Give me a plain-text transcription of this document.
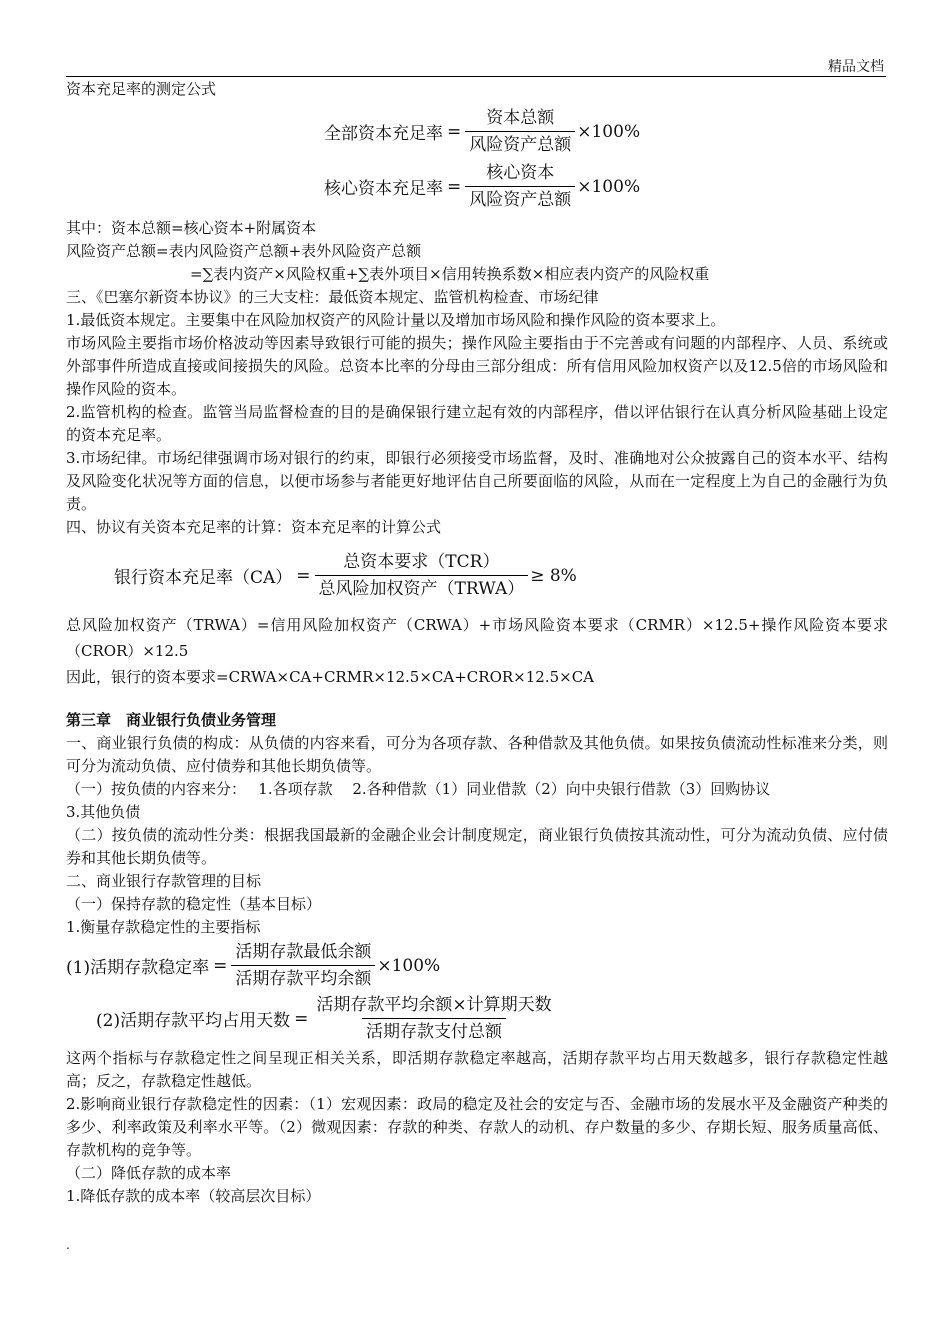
精品文档

资本充足率的测定公式

全部资本充足率 = $\frac{\text{资本总额}}{\text{风险资产总额}} \times 100\%$
核心资本充足率 = $\frac{\text{核心资本}}{\text{风险资产总额}} \times 100\%$

其中：资本总额=核心资本+附属资本

风险资产总额=表内风险资产总额+表外风险资产总额

=∑表内资产×风险权重+∑表外项目×信用转换系数×相应表内资产的风险权重

三、《巴塞尔新资本协议》的三大支柱：最低资本规定、监管机构检查、市场纪律

1.最低资本规定。主要集中在风险加权资产的风险计量以及增加市场风险和操作风险的资本要求上。

市场风险主要指市场价格波动等因素导致银行可能的损失；操作风险主要指由于不完善或有问题的内部程序、人员、系统或外部事件所造成直接或间接损失的风险。总资本比率的分母由三部分组成：所有信用风险加权资产以及12.5倍的市场风险和操作风险的资本。

2.监管机构的检查。监管当局监督检查的目的是确保银行建立起有效的内部程序，借以评估银行在认真分析风险基础上设定的资本充足率。

3.市场纪律。市场纪律强调市场对银行的约束，即银行必须接受市场监督，及时、准确地对公众披露自己的资本水平、结构及风险变化状况等方面的信息，以便市场参与者能更好地评估自己所要面临的风险，从而在一定程度上为自己的金融行为负责。

四、协议有关资本充足率的计算：资本充足率的计算公式

银行资本充足率$(CA) = \frac{\text{总资本要求（TCR）}}{\text{总风险加权资产（TRWA）}} \ge 8\%$

总风险加权资产（TRWA）=信用风险加权资产（CRWA）+市场风险资本要求（CRMR）×12.5+操作风险资本要求（CROR）×12.5

因此，银行的资本要求=CRWA×CA+CRMR×12.5×CA+CROR×12.5×CA

第三章　商业银行负债业务管理

一、商业银行负债的构成：从负债的内容来看，可分为各项存款、各种借款及其他负债。如果按负债流动性标准来分类，则可分为流动负债、应付债券和其他长期负债等。

（一）按负债的内容来分：　 1.各项存款　 2.各种借款（1）同业借款（2）向中央银行借款（3）回购协议

3.其他负债

（二）按负债的流动性分类：根据我国最新的金融企业会计制度规定，商业银行负债按其流动性，可分为流动负债、应付债券和其他长期负债等。

二、商业银行存款管理的目标

（一）保持存款的稳定性（基本目标）

1.衡量存款稳定性的主要指标

(1)活期存款稳定率 = $\frac{\text{活期存款最低余额}}{\text{活期存款平均余额}} \times 100\%$
(2)活期存款平均占用天数 = $\frac{\text{活期存款平均余额×计算期天数}}{\text{活期存款支付总额}}$

这两个指标与存款稳定性之间呈现正相关关系，即活期存款稳定率越高，活期存款平均占用天数越多，银行存款稳定性越高；反之，存款稳定性越低。

2.影响商业银行存款稳定性的因素：（1）宏观因素：政局的稳定及社会的安定与否、金融市场的发展水平及金融资产种类的多少、利率政策及利率水平等。（2）微观因素：存款的种类、存款人的动机、存户数量的多少、存期长短、服务质量高低、存款机构的竞争等。

（二）降低存款的成本率

1.降低存款的成本率（较高层次目标）

.
